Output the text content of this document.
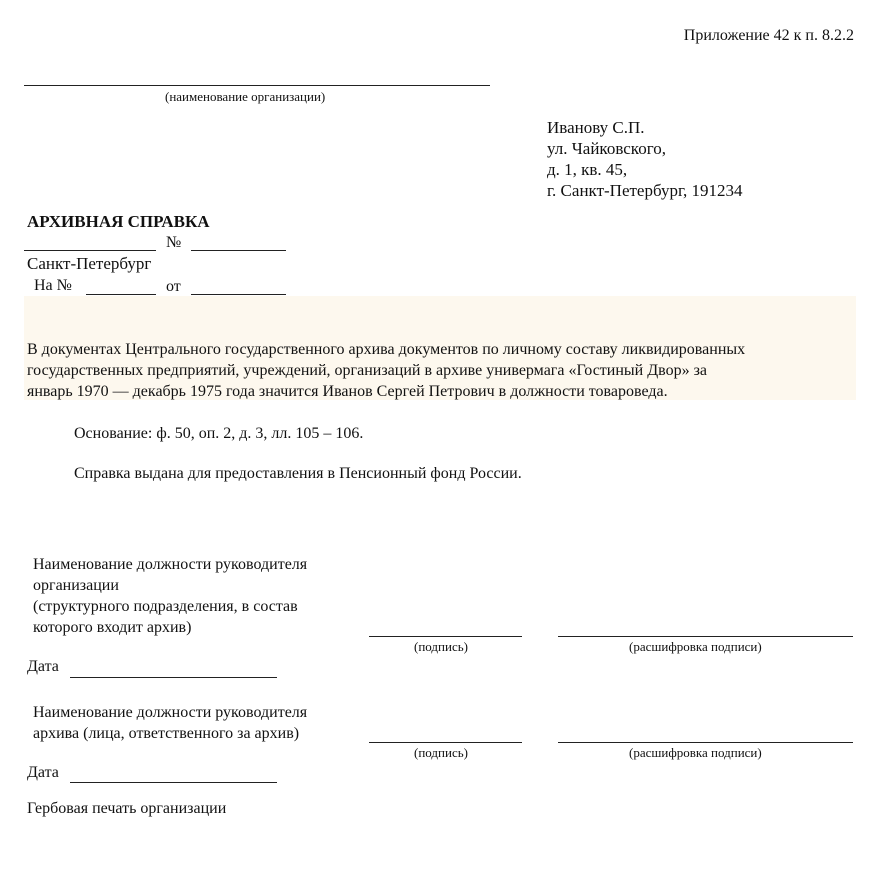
Приложение 42 к п. 8.2.2
(наименование организации)
Иванову С.П.
ул. Чайковского,
д. 1, кв. 45,
г. Санкт-Петербург, 191234
АРХИВНАЯ СПРАВКА
№
Санкт-Петербург
На №	от
В документах Центрального государственного архива документов по личному составу ликвидированных
государственных предприятий, учреждений, организаций в архиве универмага «Гостиный Двор» за
январь 1970 — декабрь 1975 года значится Иванов Сергей Петрович в должности товароведа.
Основание: ф. 50, оп. 2, д. 3, лл. 105 – 106.
Справка выдана для предоставления в Пенсионный фонд России.
Наименование должности руководителя
организации
(структурного подразделения, в состав
которого входит архив)
(подпись)	(расшифровка подписи)
Дата
Наименование должности руководителя
архива (лица, ответственного за архив)
(подпись)	(расшифровка подписи)
Дата
Гербовая печать организации
